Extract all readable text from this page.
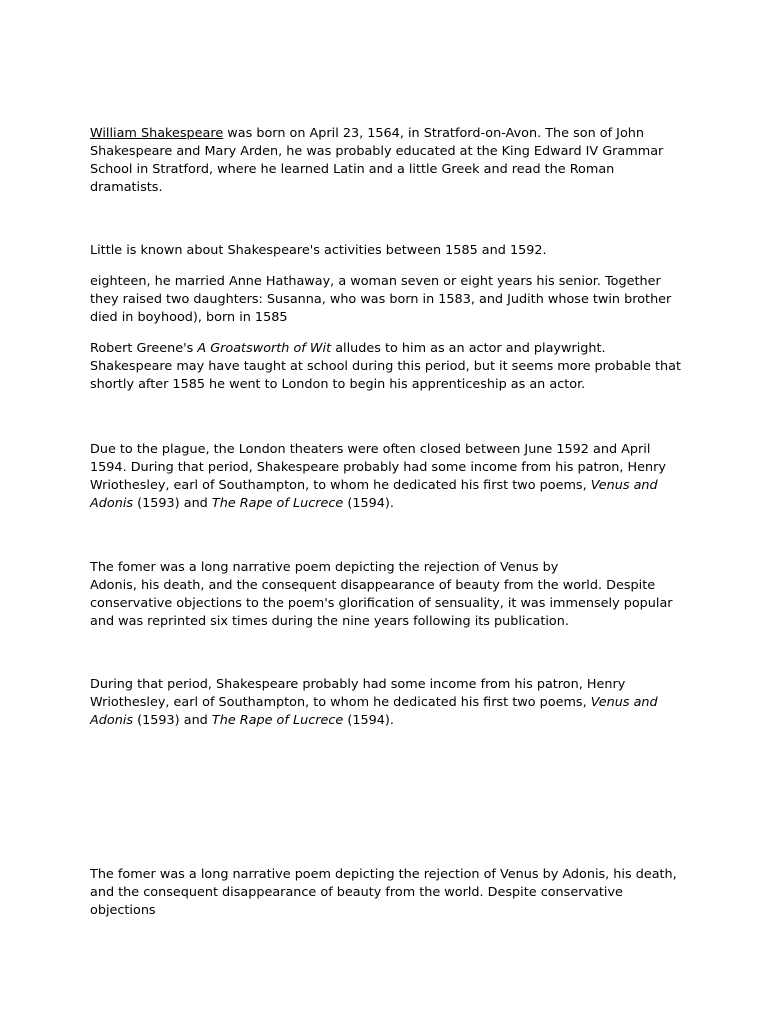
William Shakespeare was born on April 23, 1564, in Stratford-on-Avon. The son of John
Shakespeare and Mary Arden, he was probably educated at the King Edward IV Grammar
School in Stratford, where he learned Latin and a little Greek and read the Roman
dramatists.

Little is known about Shakespeare's activities between 1585 and 1592.

eighteen, he married Anne Hathaway, a woman seven or eight years his senior. Together
they raised two daughters: Susanna, who was born in 1583, and Judith whose twin brother
died in boyhood), born in 1585

Robert Greene's A Groatsworth of Wit alludes to him as an actor and playwright.
Shakespeare may have taught at school during this period, but it seems more probable that
shortly after 1585 he went to London to begin his apprenticeship as an actor.

Due to the plague, the London theaters were often closed between June 1592 and April
1594. During that period, Shakespeare probably had some income from his patron, Henry
Wriothesley, earl of Southampton, to whom he dedicated his first two poems, Venus and
Adonis (1593) and The Rape of Lucrece (1594).

The fomer was a long narrative poem depicting the rejection of Venus by
Adonis, his death, and the consequent disappearance of beauty from the world. Despite
conservative objections to the poem's glorification of sensuality, it was immensely popular
and was reprinted six times during the nine years following its publication.

During that period, Shakespeare probably had some income from his patron, Henry
Wriothesley, earl of Southampton, to whom he dedicated his first two poems, Venus and
Adonis (1593) and The Rape of Lucrece (1594).

The fomer was a long narrative poem depicting the rejection of Venus by Adonis, his death,
and the consequent disappearance of beauty from the world. Despite conservative objections
